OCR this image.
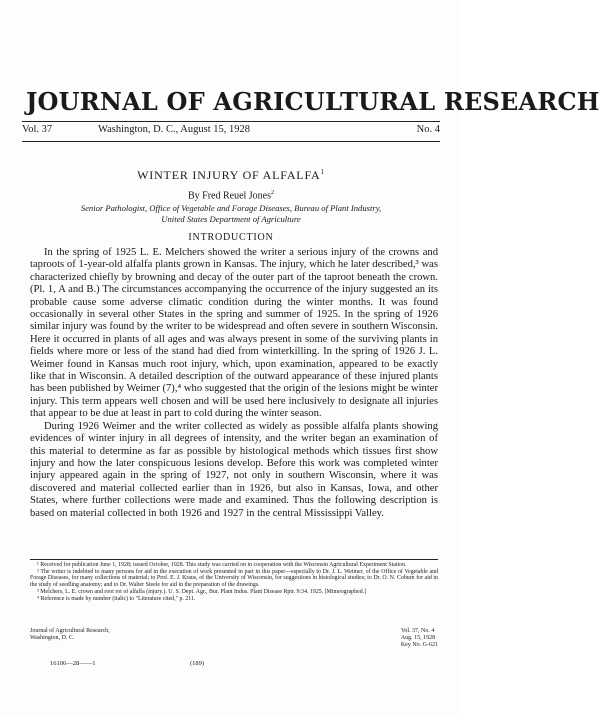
JOURNAL OF AGRICULTURAL RESEARCH
Vol. 37	Washington, D. C., August 15, 1928	No. 4
WINTER INJURY OF ALFALFA$^1$
By Fred Reuel Jones$^2$
Senior Pathologist, Office of Vegetable and Forage Diseases, Bureau of Plant Industry,
United States Department of Agriculture
INTRODUCTION

In the spring of 1925 L. E. Melchers showed the writer a serious injury of the crowns and taproots of 1-year-old alfalfa plants grown in Kansas. The injury, which he later described,³ was characterized chiefly by browning and decay of the outer part of the taproot beneath the crown. (Pl. 1, A and B.) The circumstances accompanying the occurrence of the injury suggested an its probable cause some adverse climatic condition during the winter months. It was found occasionally in several other States in the spring and summer of 1925. In the spring of 1926 similar injury was found by the writer to be widespread and often severe in southern Wisconsin. Here it occurred in plants of all ages and was always present in some of the surviving plants in fields where more or less of the stand had died from winterkilling. In the spring of 1926 J. L. Weimer found in Kansas much root injury, which, upon examination, appeared to be exactly like that in Wisconsin. A detailed description of the outward appearance of these injured plants has been published by Weimer (7),⁴ who suggested that the origin of the lesions might be winter injury. This term appears well chosen and will be used here inclusively to designate all injuries that appear to be due at least in part to cold during the winter season.

During 1926 Weimer and the writer collected as widely as possible alfalfa plants showing evidences of winter injury in all degrees of intensity, and the writer began an examination of this material to determine as far as possible by histological methods which tissues first show injury and how the later conspicuous lesions develop. Before this work was completed winter injury appeared again in the spring of 1927, not only in southern Wisconsin, where it was discovered and material collected earlier than in 1926, but also in Kansas, Iowa, and other States, where further collections were made and examined. Thus the following description is based on material collected in both 1926 and 1927 in the central Mississippi Valley.

¹ Received for publication June 1, 1928; issued October, 1928. This study was carried on in cooperation with the Wisconsin Agricultural Experiment Station.

² The writer is indebted to many persons for aid in the execution of work presented in part in this paper—especially to Dr. J. L. Weimer, of the Office of Vegetable and Forage Diseases, for many collections of material; to Prof. E. J. Kraus, of the University of Wisconsin, for suggestions in histological studies; to Dr. O. N. Coburn for aid in the study of seedling anatomy; and to Dr. Walter Steele for aid in the preparation of the drawings.

³ Melchers, L. E. crown and root rot of alfalfa (injury.). U. S. Dept. Agr., Bur. Plant Indus. Plant Disease Rptr. 9:34. 1925. [Mimeographed.]

⁴ Reference is made by number (italic) to "Literature cited," p. 211.

Journal of Agricultural Research,
Washington, D. C.
Vol. 37, No. 4
Aug. 15, 1928
Key No. G-621
16106—28——1	(189)
